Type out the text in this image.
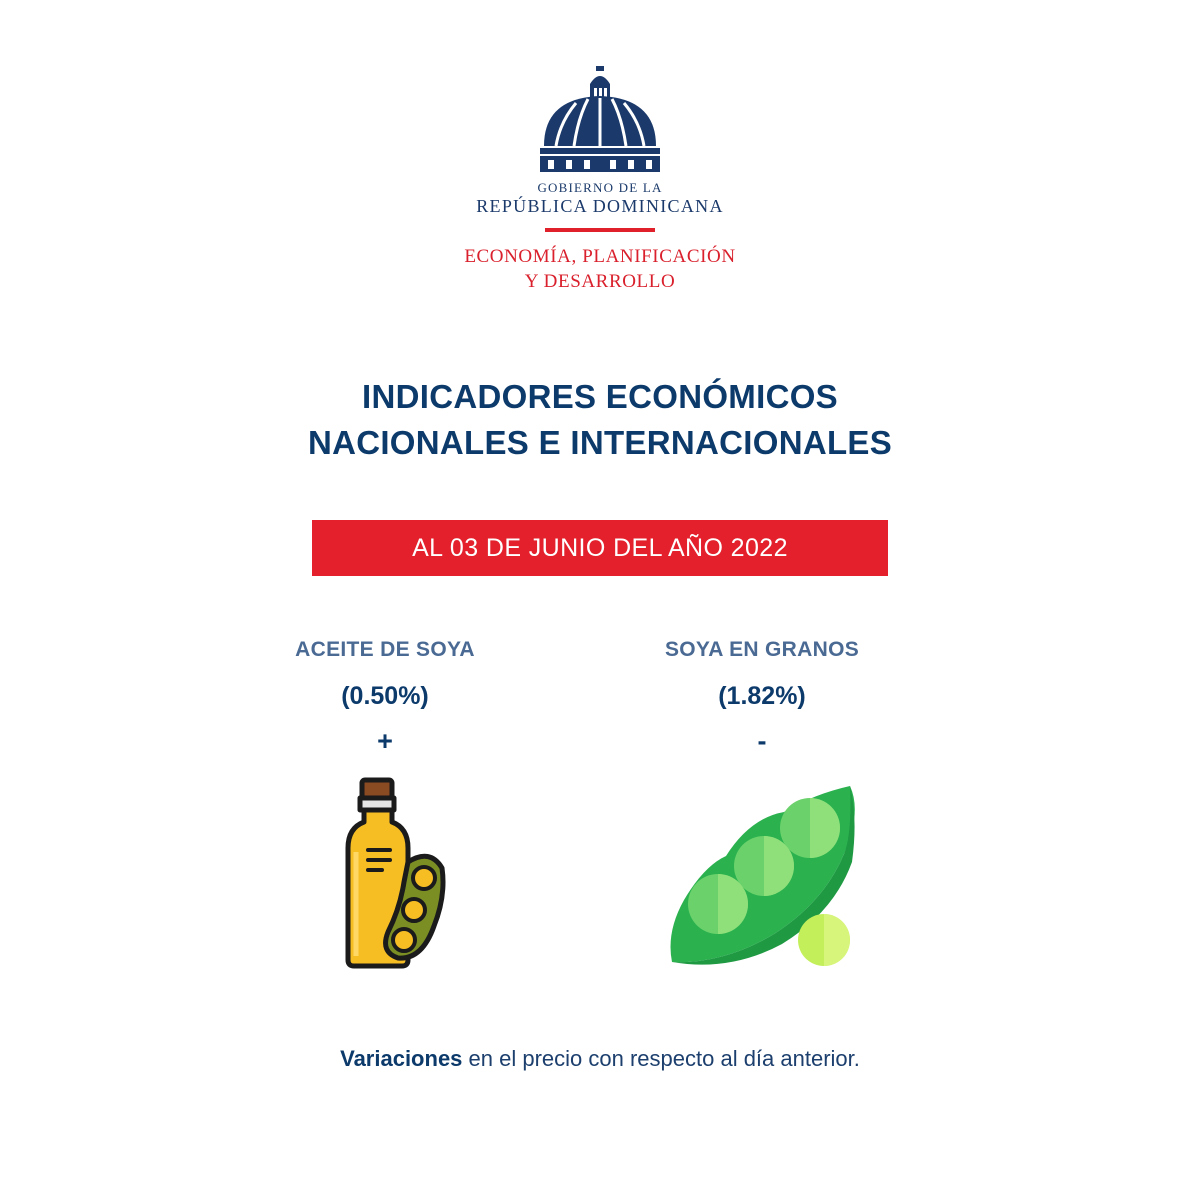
GOBIERNO DE LA
REPÚBLICA DOMINICANA
ECONOMÍA, PLANIFICACIÓN
Y DESARROLLO
INDICADORES ECONÓMICOS
NACIONALES E INTERNACIONALES
AL 03 DE JUNIO DEL AÑO 2022
ACEITE DE SOYA
(0.50%)
+
SOYA EN GRANOS
(1.82%)
-
Variaciones en el precio con respecto al día anterior.
